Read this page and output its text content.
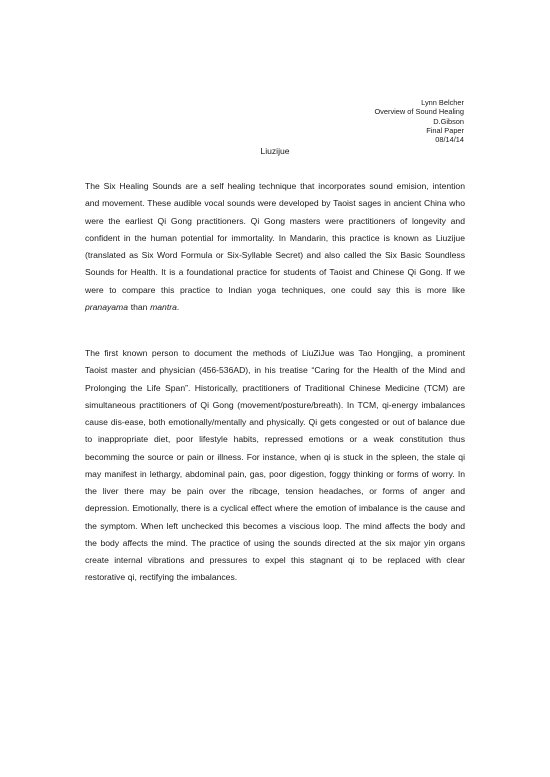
Lynn Belcher
Overview of Sound Healing
D.Gibson
Final Paper
08/14/14
Liuzijue

The Six Healing Sounds are a self healing technique that incorporates sound emision, intention and movement. These audible vocal sounds were developed by Taoist sages in ancient China who were the earliest Qi Gong practitioners. Qi Gong masters were practitioners of longevity and confident in the human potential for immortality. In Mandarin, this practice is known as Liuzijue (translated as Six Word Formula or Six-Syllable Secret) and also called the Six Basic Soundless Sounds for Health. It is a foundational practice for students of Taoist and Chinese Qi Gong. If we were to compare this practice to Indian yoga techniques, one could say this is more like pranayama than mantra.

The first known person to document the methods of LiuZiJue was Tao Hongjing, a prominent Taoist master and physician (456-536AD), in his treatise “Caring for the Health of the Mind and Prolonging the Life Span”. Historically, practitioners of Traditional Chinese Medicine (TCM) are simultaneous practitioners of Qi Gong (movement/posture/breath). In TCM, qi-energy imbalances cause dis-ease, both emotionally/mentally and physically. Qi gets congested or out of balance due to inappropriate diet, poor lifestyle habits, repressed emotions or a weak constitution thus becomming the source or pain or illness. For instance, when qi is stuck in the spleen, the stale qi may manifest in lethargy, abdominal pain, gas, poor digestion, foggy thinking or forms of worry. In the liver there may be pain over the ribcage, tension headaches, or forms of anger and depression. Emotionally, there is a cyclical effect where the emotion of imbalance is the cause and the symptom. When left unchecked this becomes a viscious loop. The mind affects the body and the body affects the mind. The practice of using the sounds directed at the six major yin organs create internal vibrations and pressures to expel this stagnant qi to be replaced with clear restorative qi, rectifying the imbalances.
